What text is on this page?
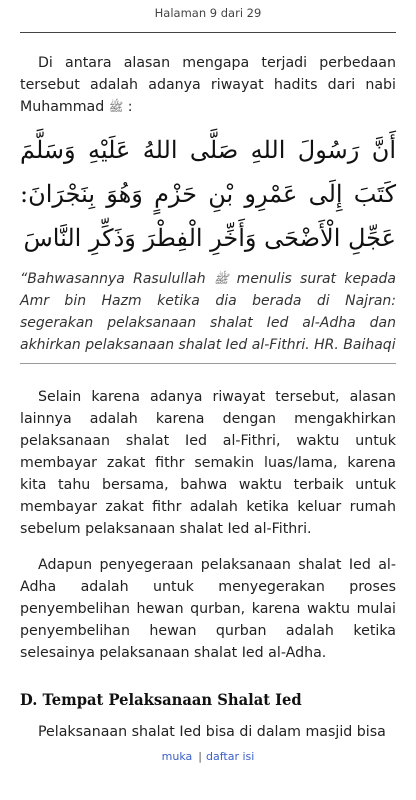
Halaman 9 dari 29

Di antara alasan mengapa terjadi perbedaan tersebut adalah adanya riwayat hadits dari nabi Muhammad ﷺ :

أَنَّ رَسُولَ اللهِ صَلَّى اللهُ عَلَيْهِ وَسَلَّمَ كَتَبَ إِلَى عَمْرِو بْنِ حَزْمٍ وَهُوَ بِنَجْرَانَ: عَجِّلِ الْأَضْحَى وَأَخِّرِ الْفِطْرَ وَذَكِّرِ النَّاسَ

“Bahwasannya Rasulullah ﷺ menulis surat kepada Amr bin Hazm ketika dia berada di Najran: segerakan pelaksanaan shalat Ied al-Adha dan akhirkan pelaksanaan shalat Ied al-Fithri. HR. Baihaqi

Selain karena adanya riwayat tersebut, alasan lainnya adalah karena dengan mengakhirkan pelaksanaan shalat Ied al-Fithri, waktu untuk membayar zakat fithr semakin luas/lama, karena kita tahu bersama, bahwa waktu terbaik untuk membayar zakat fithr adalah ketika keluar rumah sebelum pelaksanaan shalat Ied al-Fithri.

Adapun penyegeraan pelaksanaan shalat Ied al-Adha adalah untuk menyegerakan proses penyembelihan hewan qurban, karena waktu mulai penyembelihan hewan qurban adalah ketika selesainya pelaksanaan shalat Ied al-Adha.

D. Tempat Pelaksanaan Shalat Ied

Pelaksanaan shalat Ied bisa di dalam masjid bisa

muka | daftar isi
